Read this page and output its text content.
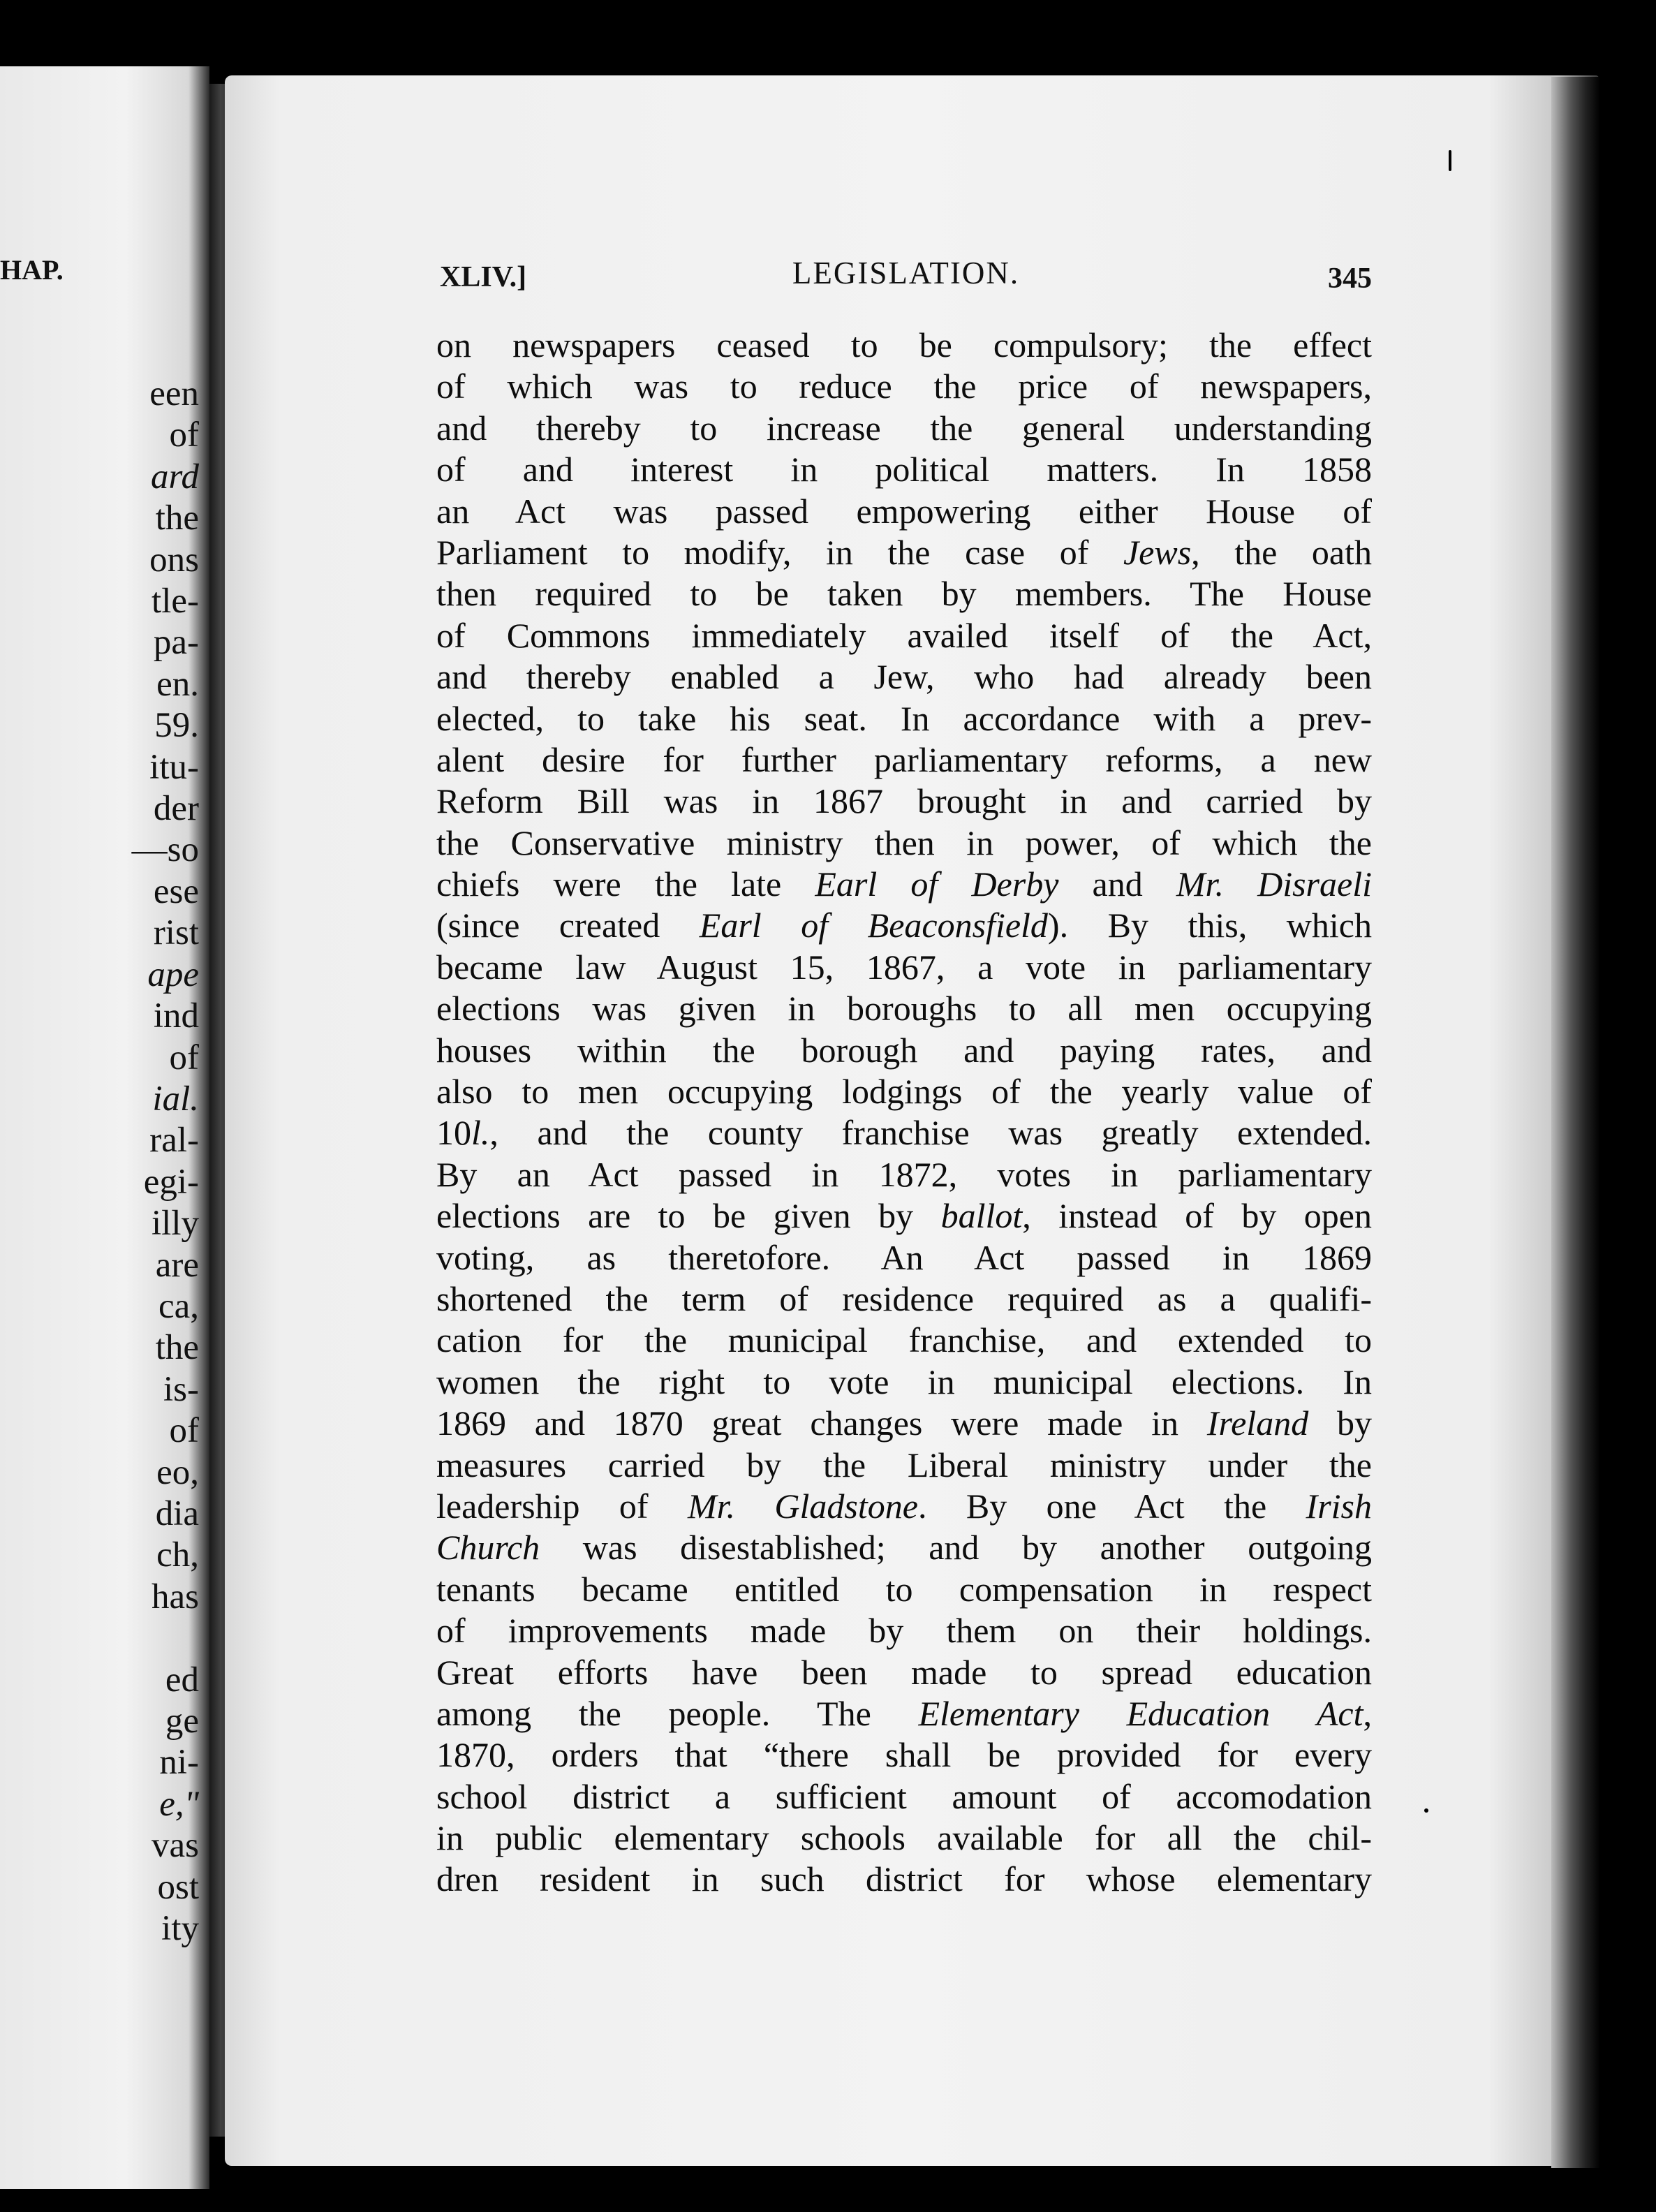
HAP.
een
of
ard
the
ons
tle-
pa-
en.
59.
itu-
der
—so
ese
rist
ape
ind
of
ial.
ral-
egi-
illy
are
ca,
the
is-
of
eo,
dia
ch,
has
ed
ge
ni-
e,"
vas
ost
ity
XLIV.]	LEGISLATION.	345
on newspapers ceased to be compulsory; the effect
of which was to reduce the price of newspapers,
and thereby to increase the general understanding
of and interest in political matters. In 1858
an Act was passed empowering either House of
Parliament to modify, in the case of Jews, the oath
then required to be taken by members. The House
of Commons immediately availed itself of the Act,
and thereby enabled a Jew, who had already been
elected, to take his seat. In accordance with a prev-
alent desire for further parliamentary reforms, a new
Reform Bill was in 1867 brought in and carried by
the Conservative ministry then in power, of which the
chiefs were the late Earl of Derby and Mr. Disraeli
(since created Earl of Beaconsfield). By this, which
became law August 15, 1867, a vote in parliamentary
elections was given in boroughs to all men occupying
houses within the borough and paying rates, and
also to men occupying lodgings of the yearly value of
10l., and the county franchise was greatly extended.
By an Act passed in 1872, votes in parliamentary
elections are to be given by ballot, instead of by open
voting, as theretofore. An Act passed in 1869
shortened the term of residence required as a qualifi-
cation for the municipal franchise, and extended to
women the right to vote in municipal elections. In
1869 and 1870 great changes were made in Ireland by
measures carried by the Liberal ministry under the
leadership of Mr. Gladstone. By one Act the Irish
Church was disestablished; and by another outgoing
tenants became entitled to compensation in respect
of improvements made by them on their holdings.
Great efforts have been made to spread education
among the people. The Elementary Education Act,
1870, orders that “there shall be provided for every
school district a sufficient amount of accomodation
in public elementary schools available for all the chil-
dren resident in such district for whose elementary
